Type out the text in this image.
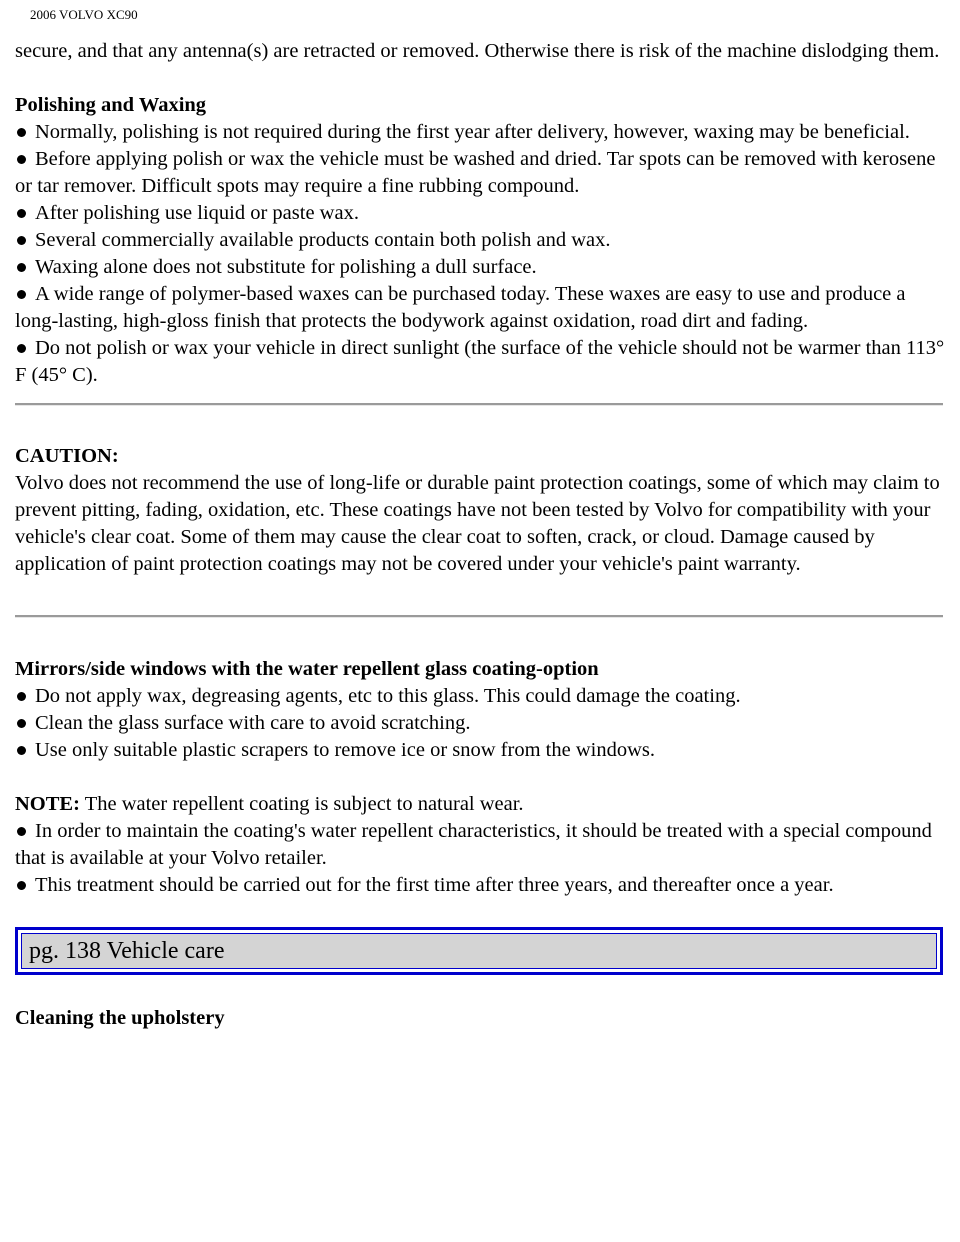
2006 VOLVO XC90

secure, and that any antenna(s) are retracted or removed. Otherwise there is risk of the machine dislodging them.

Polishing and Waxing

Normally, polishing is not required during the first year after delivery, however, waxing may be beneficial.

Before applying polish or wax the vehicle must be washed and dried. Tar spots can be removed with kerosene or tar remover. Difficult spots may require a fine rubbing compound.

After polishing use liquid or paste wax.

Several commercially available products contain both polish and wax.

Waxing alone does not substitute for polishing a dull surface.

A wide range of polymer-based waxes can be purchased today. These waxes are easy to use and produce a long-lasting, high-gloss finish that protects the bodywork against oxidation, road dirt and fading.

Do not polish or wax your vehicle in direct sunlight (the surface of the vehicle should not be warmer than 113° F (45° C).

CAUTION:

Volvo does not recommend the use of long-life or durable paint protection coatings, some of which may claim to prevent pitting, fading, oxidation, etc. These coatings have not been tested by Volvo for compatibility with your vehicle's clear coat. Some of them may cause the clear coat to soften, crack, or cloud. Damage caused by application of paint protection coatings may not be covered under your vehicle's paint warranty.

Mirrors/side windows with the water repellent glass coating-option

Do not apply wax, degreasing agents, etc to this glass. This could damage the coating.

Clean the glass surface with care to avoid scratching.

Use only suitable plastic scrapers to remove ice or snow from the windows.

NOTE: The water repellent coating is subject to natural wear.

In order to maintain the coating's water repellent characteristics, it should be treated with a special compound that is available at your Volvo retailer.

This treatment should be carried out for the first time after three years, and thereafter once a year.

pg. 138 Vehicle care

Cleaning the upholstery
